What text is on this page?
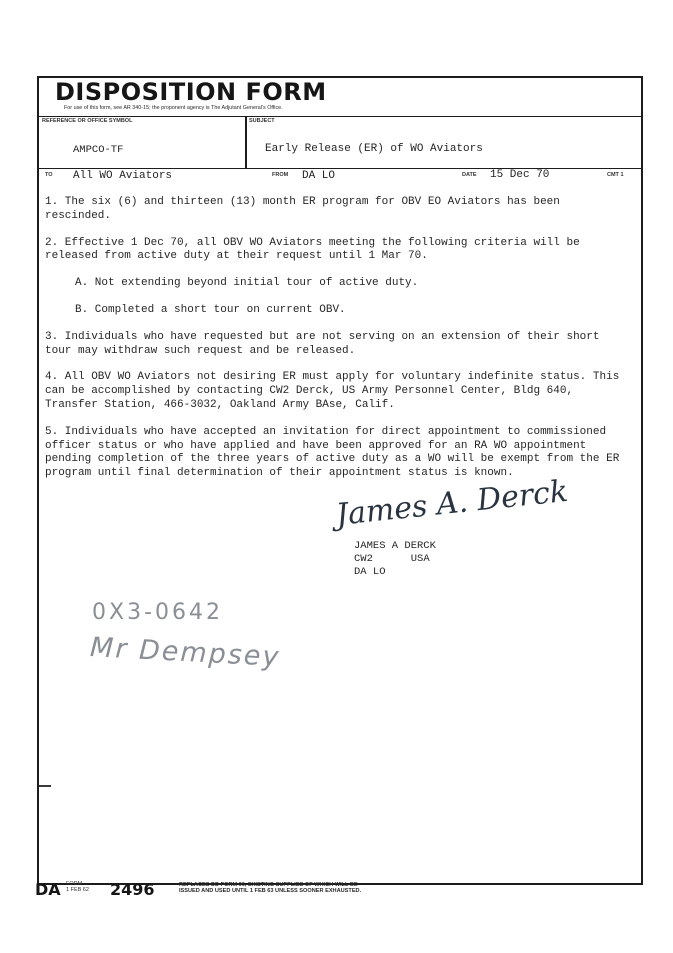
DISPOSITION FORM
For use of this form, see AR 340-15; the proponent agency is The Adjutant General's Office.
REFERENCE OR OFFICE SYMBOL
AMPCO-TF
SUBJECT
Early Release (ER) of WO Aviators
TO All WO Aviators	FROM DA LO	DATE 15 Dec 70	CMT 1

1. The six (6) and thirteen (13) month ER program for OBV EO Aviators has been rescinded.

2. Effective 1 Dec 70, all OBV WO Aviators meeting the following criteria will be released from active duty at their request until 1 Mar 70.

A. Not extending beyond initial tour of active duty.

B. Completed a short tour on current OBV.

3. Individuals who have requested but are not serving on an extension of their short tour may withdraw such request and be released.

4. All OBV WO Aviators not desiring ER must apply for voluntary indefinite status. This can be accomplished by contacting CW2 Derck, US Army Personnel Center, Bldg 640, Transfer Station, 466-3032, Oakland Army BAse, Calif.

5. Individuals who have accepted an invitation for direct appointment to commissioned officer status or who have applied and have been approved for an RA WO appointment pending completion of the three years of active duty as a WO will be exempt from the ER program until final determination of their appointment status is known.

James A. Derck
JAMES A DERCK
CW2	USA
DA LO
0X3-0642
Mr Dempsey
DA FORM
1 FEB 62 2496	REPLACES DD FORM 96, EXISTING SUPPLIES OF WHICH WILL BE
ISSUED AND USED UNTIL 1 FEB 63 UNLESS SOONER EXHAUSTED.
